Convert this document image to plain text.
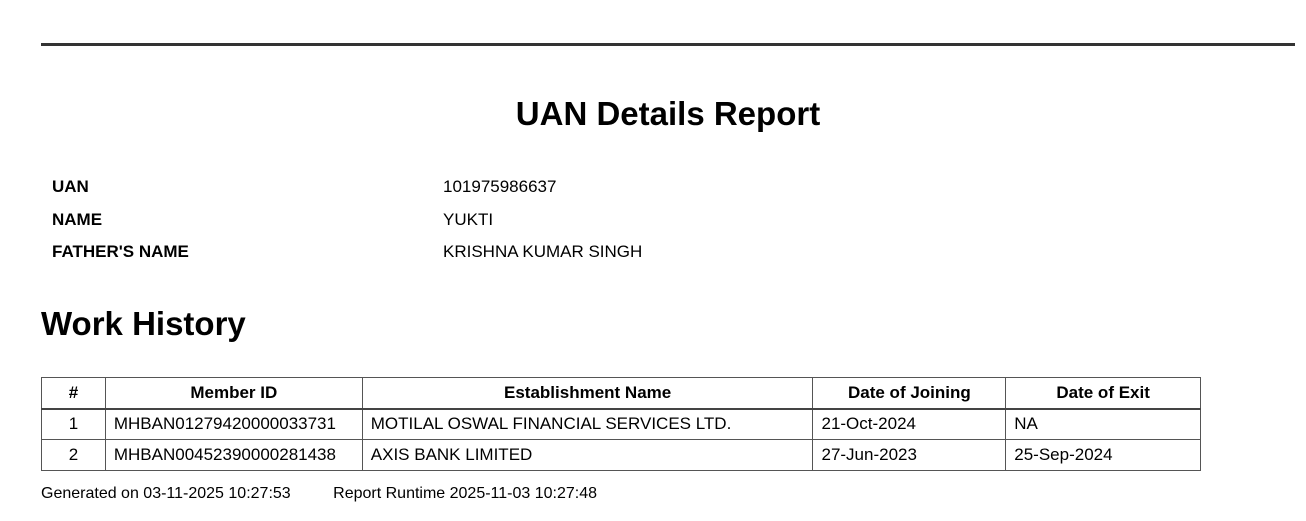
UAN Details Report
UAN	101975986637
NAME	YUKTI
FATHER'S NAME	KRISHNA KUMAR SINGH
Work History
#	Member ID	Establishment Name	Date of Joining	Date of Exit
1	MHBAN01279420000033731	MOTILAL OSWAL FINANCIAL SERVICES LTD.	21-Oct-2024	NA
2	MHBAN00452390000281438	AXIS BANK LIMITED	27-Jun-2023	25-Sep-2024
Generated on 03-11-2025 10:27:53	Report Runtime 2025-11-03 10:27:48
